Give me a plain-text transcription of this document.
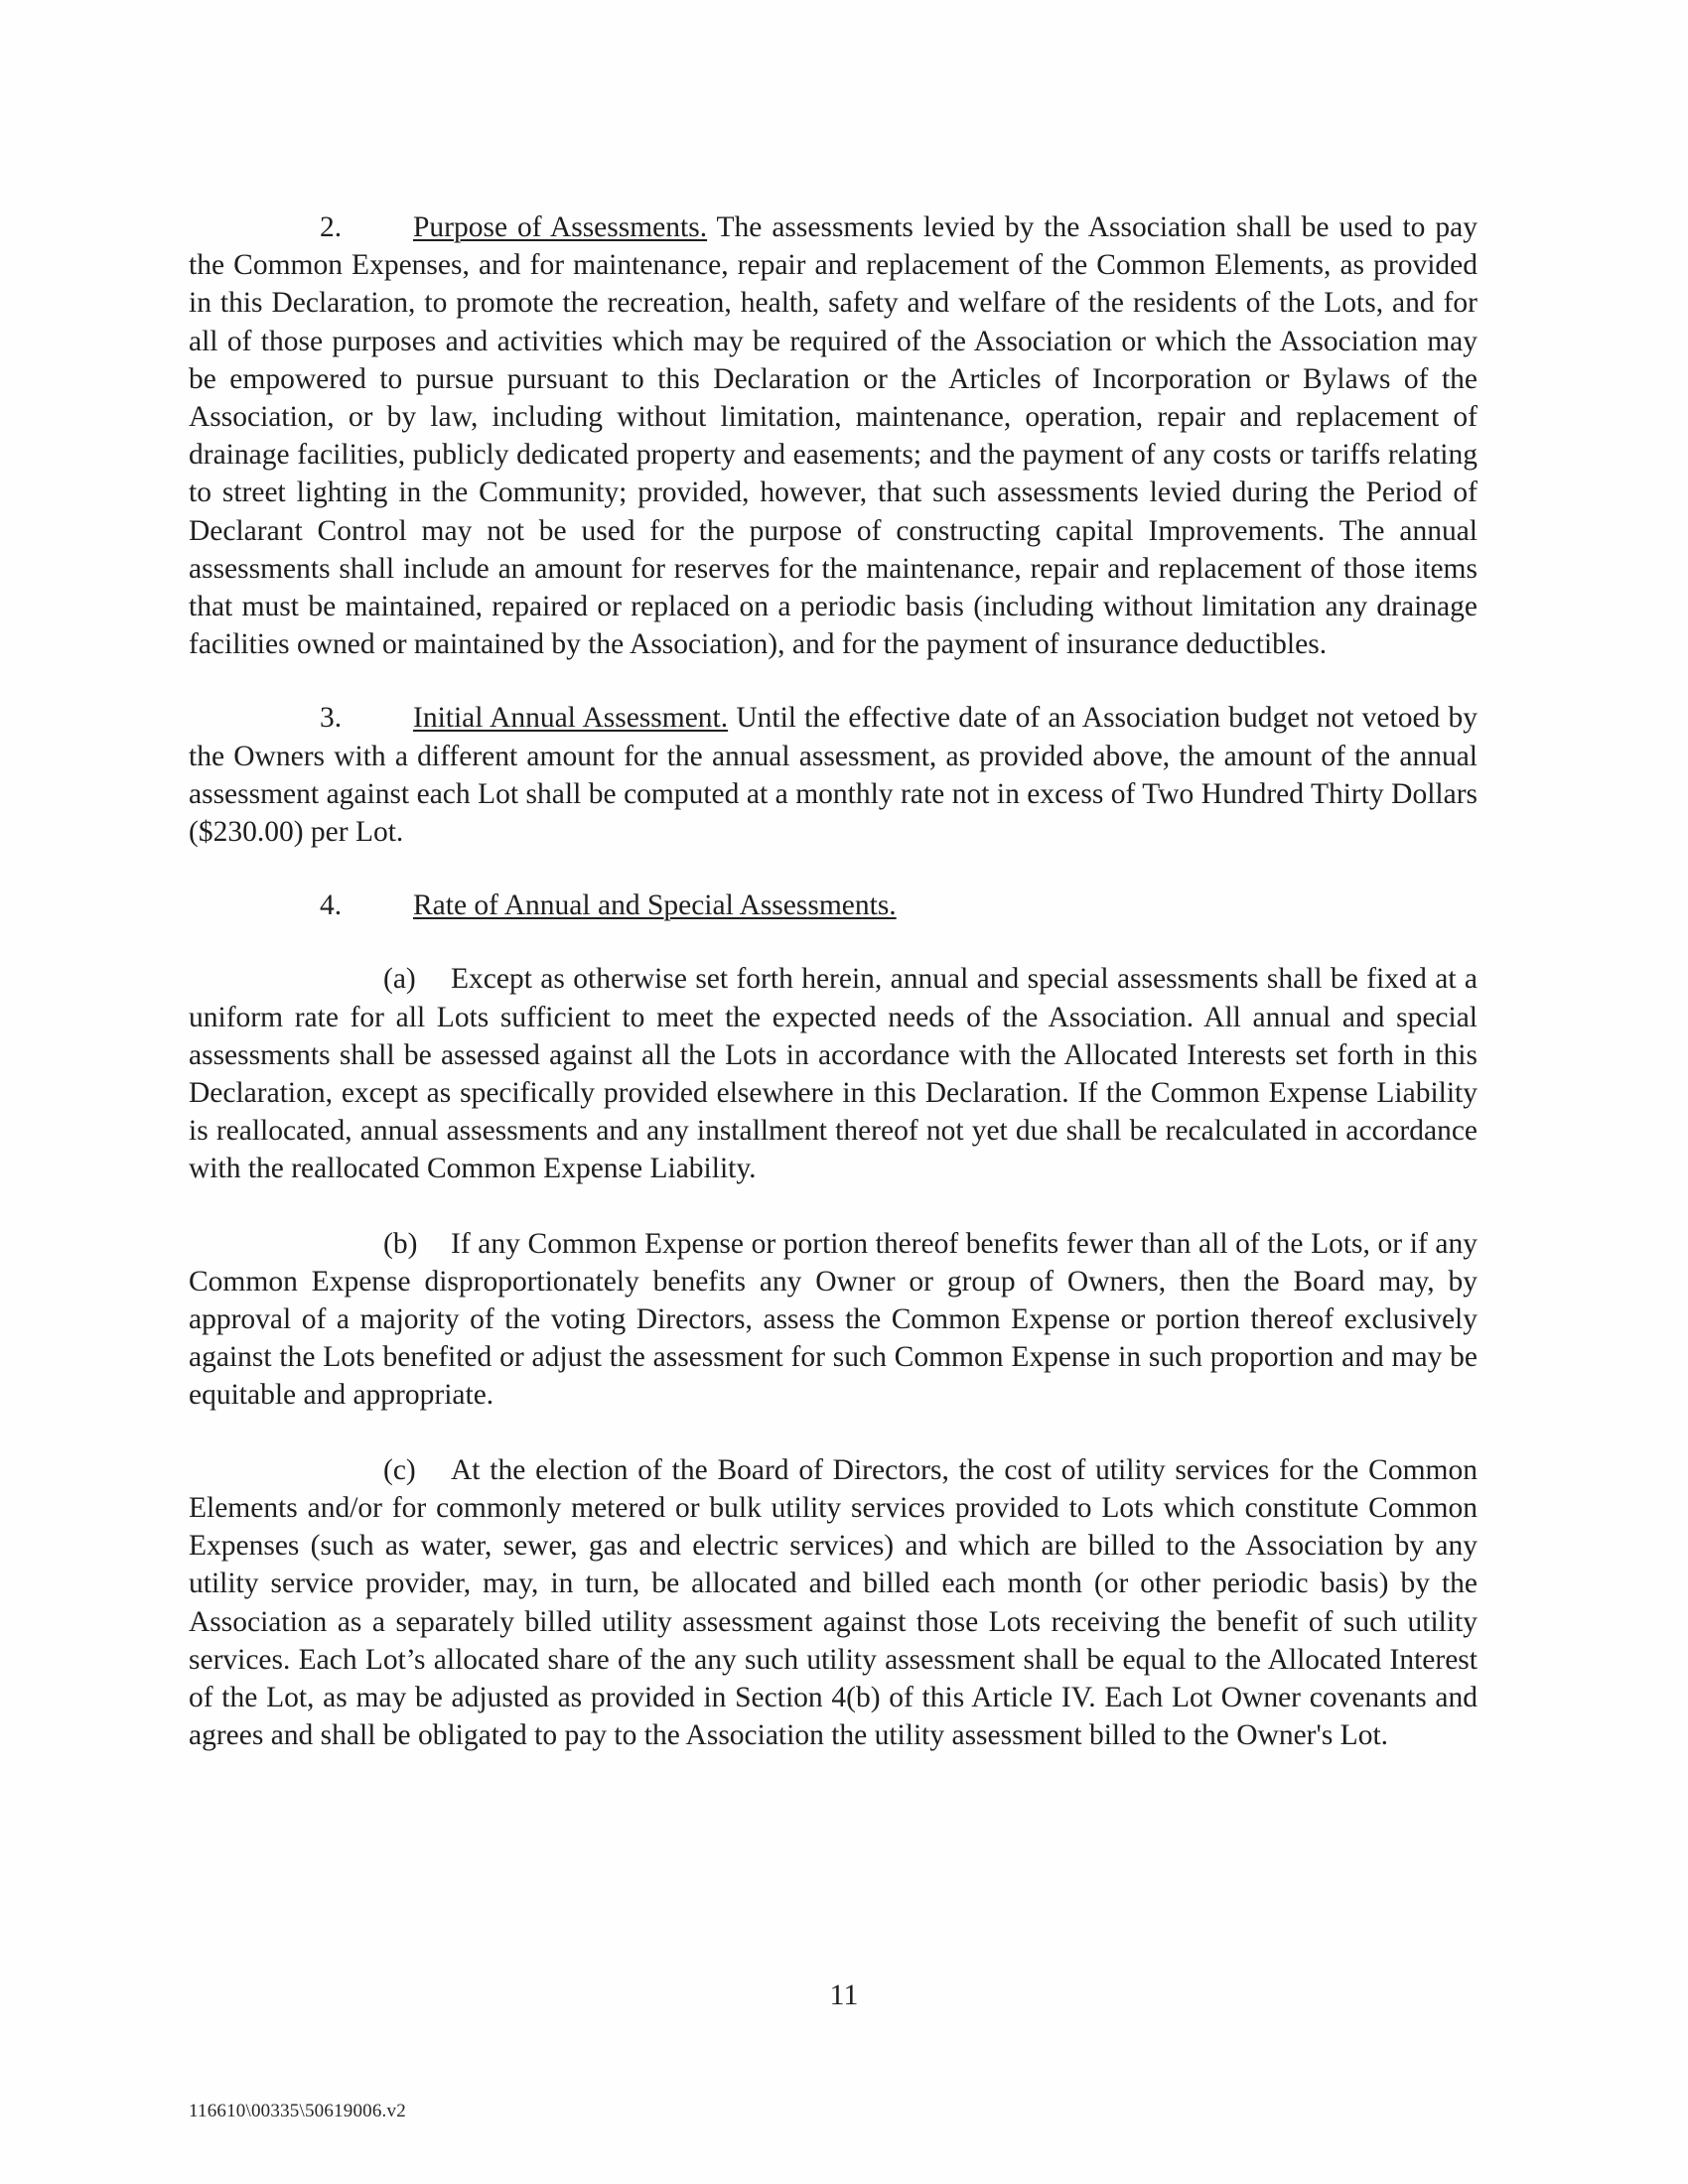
2. Purpose of Assessments. The assessments levied by the Association shall be used to pay the Common Expenses, and for maintenance, repair and replacement of the Common Elements, as provided in this Declaration, to promote the recreation, health, safety and welfare of the residents of the Lots, and for all of those purposes and activities which may be required of the Association or which the Association may be empowered to pursue pursuant to this Declaration or the Articles of Incorporation or Bylaws of the Association, or by law, including without limitation, maintenance, operation, repair and replacement of drainage facilities, publicly dedicated property and easements; and the payment of any costs or tariffs relating to street lighting in the Community; provided, however, that such assessments levied during the Period of Declarant Control may not be used for the purpose of constructing capital Improvements. The annual assessments shall include an amount for reserves for the maintenance, repair and replacement of those items that must be maintained, repaired or replaced on a periodic basis (including without limitation any drainage facilities owned or maintained by the Association), and for the payment of insurance deductibles.

3. Initial Annual Assessment. Until the effective date of an Association budget not vetoed by the Owners with a different amount for the annual assessment, as provided above, the amount of the annual assessment against each Lot shall be computed at a monthly rate not in excess of Two Hundred Thirty Dollars ($230.00) per Lot.

4. Rate of Annual and Special Assessments.

(a) Except as otherwise set forth herein, annual and special assessments shall be fixed at a uniform rate for all Lots sufficient to meet the expected needs of the Association. All annual and special assessments shall be assessed against all the Lots in accordance with the Allocated Interests set forth in this Declaration, except as specifically provided elsewhere in this Declaration. If the Common Expense Liability is reallocated, annual assessments and any installment thereof not yet due shall be recalculated in accordance with the reallocated Common Expense Liability.

(b) If any Common Expense or portion thereof benefits fewer than all of the Lots, or if any Common Expense disproportionately benefits any Owner or group of Owners, then the Board may, by approval of a majority of the voting Directors, assess the Common Expense or portion thereof exclusively against the Lots benefited or adjust the assessment for such Common Expense in such proportion and may be equitable and appropriate.

(c) At the election of the Board of Directors, the cost of utility services for the Common Elements and/or for commonly metered or bulk utility services provided to Lots which constitute Common Expenses (such as water, sewer, gas and electric services) and which are billed to the Association by any utility service provider, may, in turn, be allocated and billed each month (or other periodic basis) by the Association as a separately billed utility assessment against those Lots receiving the benefit of such utility services. Each Lot’s allocated share of the any such utility assessment shall be equal to the Allocated Interest of the Lot, as may be adjusted as provided in Section 4(b) of this Article IV. Each Lot Owner covenants and agrees and shall be obligated to pay to the Association the utility assessment billed to the Owner's Lot.

11
116610\00335\50619006.v2
